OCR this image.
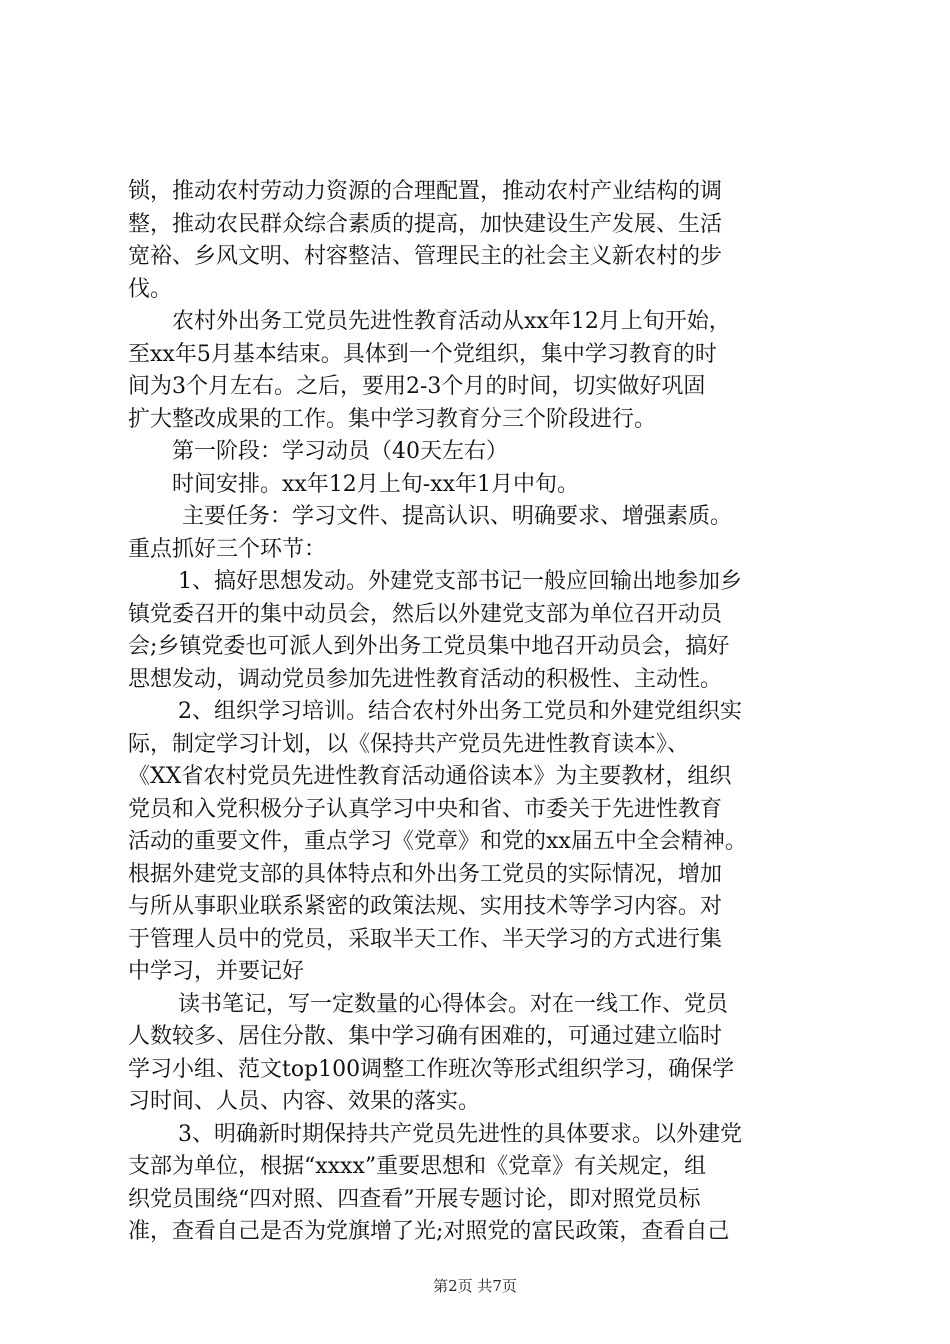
锁，推动农村劳动力资源的合理配置，推动农村产业结构的调
整，推动农民群众综合素质的提高，加快建设生产发展、生活
宽裕、乡风文明、村容整洁、管理民主的社会主义新农村的步
伐。
农村外出务工党员先进性教育活动从xx年12月上旬开始，
至xx年5月基本结束。具体到一个党组织，集中学习教育的时
间为3个月左右。之后，要用2-3个月的时间，切实做好巩固
扩大整改成果的工作。集中学习教育分三个阶段进行。
第一阶段：学习动员（40天左右）
时间安排。xx年12月上旬-xx年1月中旬。
主要任务：学习文件、提高认识、明确要求、增强素质。
重点抓好三个环节：
1、搞好思想发动。外建党支部书记一般应回输出地参加乡
镇党委召开的集中动员会，然后以外建党支部为单位召开动员
会;乡镇党委也可派人到外出务工党员集中地召开动员会，搞好
思想发动，调动党员参加先进性教育活动的积极性、主动性。
2、组织学习培训。结合农村外出务工党员和外建党组织实
际，制定学习计划，以《保持共产党员先进性教育读本》、
《XX省农村党员先进性教育活动通俗读本》为主要教材，组织
党员和入党积极分子认真学习中央和省、市委关于先进性教育
活动的重要文件，重点学习《党章》和党的xx届五中全会精神。
根据外建党支部的具体特点和外出务工党员的实际情况，增加
与所从事职业联系紧密的政策法规、实用技术等学习内容。对
于管理人员中的党员，采取半天工作、半天学习的方式进行集
中学习，并要记好
读书笔记，写一定数量的心得体会。对在一线工作、党员
人数较多、居住分散、集中学习确有困难的，可通过建立临时
学习小组、范文top100调整工作班次等形式组织学习，确保学
习时间、人员、内容、效果的落实。
3、明确新时期保持共产党员先进性的具体要求。以外建党
支部为单位，根据“xxxx”重要思想和《党章》有关规定，组
织党员围绕“四对照、四查看”开展专题讨论，即对照党员标
准，查看自己是否为党旗增了光;对照党的富民政策，查看自己
第2页 共7页
